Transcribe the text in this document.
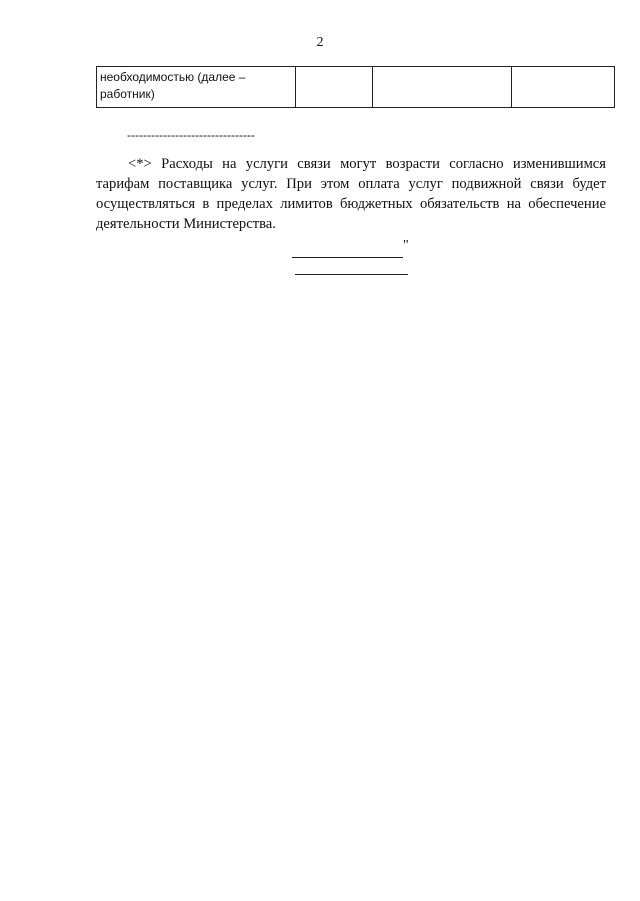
2
необходимостью (далее – работник)			
--------------------------------

<*> Расходы на услуги связи могут возрасти согласно изменившимся тарифам поставщика услуг. При этом оплата услуг подвижной связи будет осуществляться в пределах лимитов бюджетных обязательств на обеспечение деятельности Министерства.

"
